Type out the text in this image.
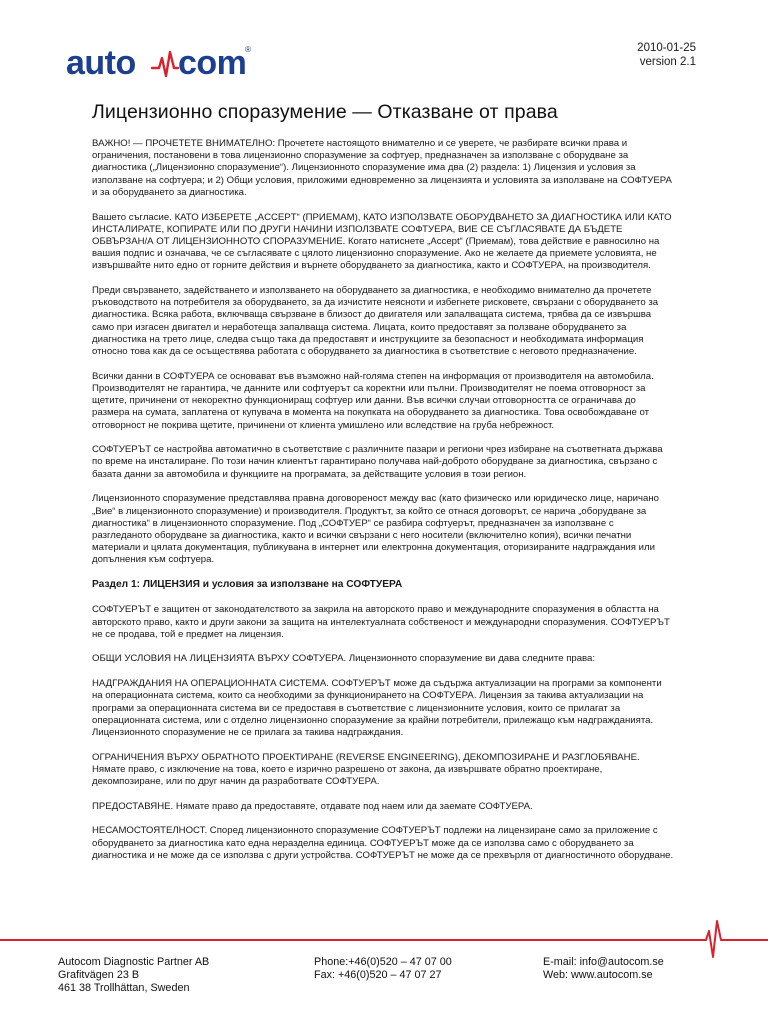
auto com
®	2010-01-25
version 2.1
Лицензионно споразумение — Отказване от права

ВАЖНО! — ПРОЧЕТЕТЕ ВНИМАТЕЛНО: Прочетете настоящото внимателно и се уверете, че разбирате всички права и ограничения, постановени в това лицензионно споразумение за софтуер, предназначен за използване с оборудване за диагностика („Лицензионно споразумение“). Лицензионното споразумение има два (2) раздела: 1) Лицензия и условия за използване на софтуера; и 2) Общи условия, приложими едновременно за лицензията и условията за използване на СОФТУЕРА и за оборудването за диагностика.

Вашето съгласие. КАТО ИЗБЕРЕТЕ „ACCEPT“ (ПРИЕМАМ), КАТО ИЗПОЛЗВАТЕ ОБОРУДВАНЕТО ЗА ДИАГНОСТИКА ИЛИ КАТО ИНСТАЛИРАТЕ, КОПИРАТЕ ИЛИ ПО ДРУГИ НАЧИНИ ИЗПОЛЗВАТЕ СОФТУЕРА, ВИЕ СЕ СЪГЛАСЯВАТЕ ДА БЪДЕТЕ ОБВЪРЗАН/А ОТ ЛИЦЕНЗИОННОТО СПОРАЗУМЕНИЕ. Когато натиснете „Accept“ (Приемам), това действие е равносилно на вашия подпис и означава, че се съгласявате с цялото лицензионно споразумение. Ако не желаете да приемете условията, не извършвайте нито едно от горните действия и върнете оборудването за диагностика, както и СОФТУЕРА, на производителя.

Преди свързването, задействането и използването на оборудването за диагностика, е необходимо внимателно да прочетете ръководството на потребителя за оборудването, за да изчистите неясноти и избегнете рисковете, свързани с оборудването за диагностика. Всяка работа, включваща свързване в близост до двигателя или запалващата система, трябва да се извършва само при изгасен двигател и неработеща запалваща система. Лицата, които предоставят за ползване оборудването за диагностика на трето лице, следва също така да предоставят и инструкциите за безопасност и необходимата информация относно това как да се осъществява работата с оборудването за диагностика в съответствие с неговото предназначение.

Всички данни в СОФТУЕРА се основават във възможно най-голяма степен на информация от производителя на автомобила. Производителят не гарантира, че данните или софтуерът са коректни или пълни. Производителят не поема отговорност за щетите, причинени от некоректно функциониращ софтуер или данни. Във всички случаи отговорността се ограничава до размера на сумата, заплатена от купувача в момента на покупката на оборудването за диагностика. Това освобождаване от отговорност не покрива щетите, причинени от клиента умишлено или вследствие на груба небрежност.

СОФТУЕРЪТ се настройва автоматично в съответствие с различните пазари и региони чрез избиране на съответната държава по време на инсталиране. По този начин клиентът гарантирано получава най-доброто оборудване за диагностика, свързано с базата данни за автомобила и функциите на програмата, за действащите условия в този регион.

Лицензионното споразумение представлява правна договореност между вас (като физическо или юридическо лице, наричано „Вие“ в лицензионното споразумение) и производителя. Продуктът, за който се отнася договорът, се нарича „оборудване за диагностика“ в лицензионното споразумение. Под „СОФТУЕР“ се разбира софтуерът, предназначен за използване с разгледаното оборудване за диагностика, както и всички свързани с него носители (включително копия), всички печатни материали и цялата документация, публикувана в интернет или електронна документация, оторизираните надграждания или допълнения към софтуера.

Раздел 1: ЛИЦЕНЗИЯ и условия за използване на СОФТУЕРА

СОФТУЕРЪТ е защитен от законодателството за закрила на авторското право и международните споразумения в областта на авторското право, както и други закони за защита на интелектуалната собственост и международни споразумения. СОФТУЕРЪТ не се продава, той е предмет на лицензия.

ОБЩИ УСЛОВИЯ НА ЛИЦЕНЗИЯТА ВЪРХУ СОФТУЕРА. Лицензионното споразумение ви дава следните права:

НАДГРАЖДАНИЯ НА ОПЕРАЦИОННАТА СИСТЕМА. СОФТУЕРЪТ може да съдържа актуализации на програми за компоненти на операционната система, които са необходими за функционирането на СОФТУЕРА. Лицензия за такива актуализации на програми за операционната система ви се предоставя в съответствие с лицензионните условия, които се прилагат за операционната система, или с отделно лицензионно споразумение за крайни потребители, прилежащо към надгражданията. Лицензионното споразумение не се прилага за такива надграждания.

ОГРАНИЧЕНИЯ ВЪРХУ ОБРАТНОТО ПРОЕКТИРАНЕ (REVERSE ENGINEERING), ДЕКОМПОЗИРАНЕ И РАЗГЛОБЯВАНЕ. Нямате право, с изключение на това, което е изрично разрешено от закона, да извършвате обратно проектиране, декомпозиране, или по друг начин да разработвате СОФТУЕРА.

ПРЕДОСТАВЯНЕ. Нямате право да предоставяте, отдавате под наем или да заемате СОФТУЕРА.

НЕСАМОСТОЯТЕЛНОСТ. Според лицензионното споразумение СОФТУЕРЪТ подлежи на лицензиране само за приложение с оборудването за диагностика като една неразделна единица. СОФТУЕРЪТ може да се използва само с оборудването за диагностика и не може да се използва с други устройства. СОФТУЕРЪТ не може да се прехвърля от диагностичното оборудване.

Autocom Diagnostic Partner AB
Grafitvägen 23 B
461 38 Trollhättan, Sweden
Phone:+46(0)520 – 47 07 00
Fax: +46(0)520 – 47 07 27
E-mail: info@autocom.se
Web: www.autocom.se
